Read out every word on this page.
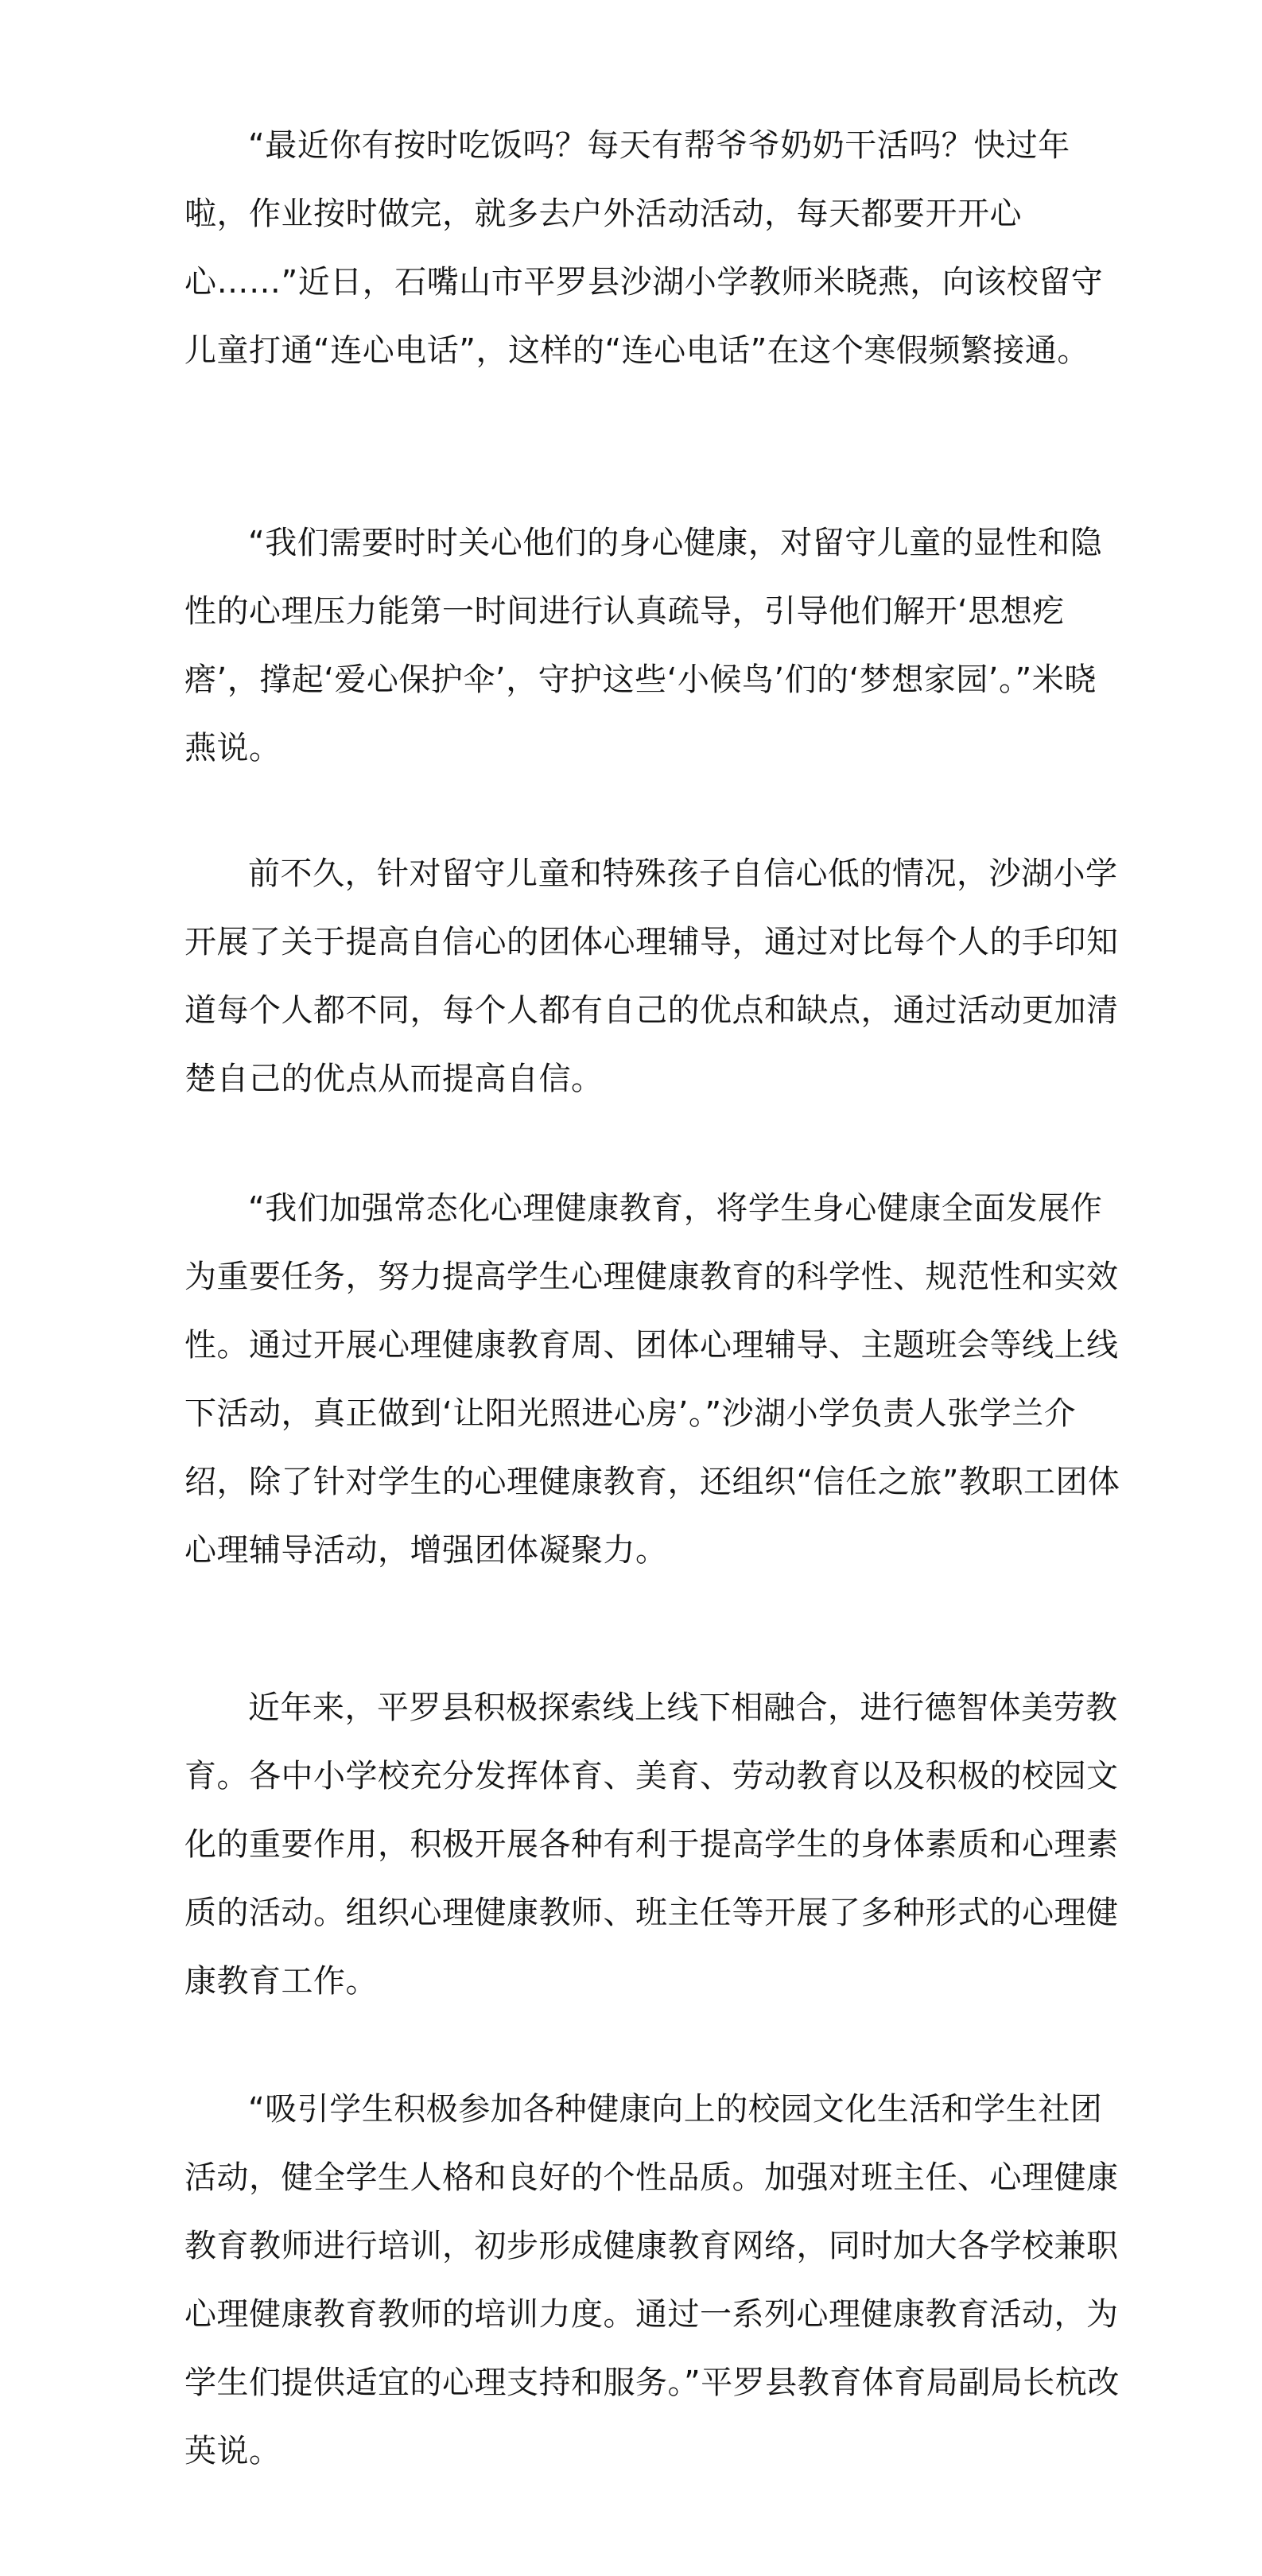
“最近你有按时吃饭吗？每天有帮爷爷奶奶干活吗？快过年啦，作业按时做完，就多去户外活动活动，每天都要开开心心……”近日，石嘴山市平罗县沙湖小学教师米晓燕，向该校留守儿童打通“连心电话”，这样的“连心电话”在这个寒假频繁接通。

“我们需要时时关心他们的身心健康，对留守儿童的显性和隐性的心理压力能第一时间进行认真疏导，引导他们解开‘思想疙瘩’，撑起‘爱心保护伞’，守护这些‘小候鸟’们的‘梦想家园’。”米晓燕说。

前不久，针对留守儿童和特殊孩子自信心低的情况，沙湖小学开展了关于提高自信心的团体心理辅导，通过对比每个人的手印知道每个人都不同，每个人都有自己的优点和缺点，通过活动更加清楚自己的优点从而提高自信。

“我们加强常态化心理健康教育，将学生身心健康全面发展作为重要任务，努力提高学生心理健康教育的科学性、规范性和实效性。通过开展心理健康教育周、团体心理辅导、主题班会等线上线下活动，真正做到‘让阳光照进心房’。”沙湖小学负责人张学兰介绍，除了针对学生的心理健康教育，还组织“信任之旅”教职工团体心理辅导活动，增强团体凝聚力。

近年来，平罗县积极探索线上线下相融合，进行德智体美劳教育。各中小学校充分发挥体育、美育、劳动教育以及积极的校园文化的重要作用，积极开展各种有利于提高学生的身体素质和心理素质的活动。组织心理健康教师、班主任等开展了多种形式的心理健康教育工作。

“吸引学生积极参加各种健康向上的校园文化生活和学生社团活动，健全学生人格和良好的个性品质。加强对班主任、心理健康教育教师进行培训，初步形成健康教育网络，同时加大各学校兼职心理健康教育教师的培训力度。通过一系列心理健康教育活动，为学生们提供适宜的心理支持和服务。”平罗县教育体育局副局长杭改英说。
